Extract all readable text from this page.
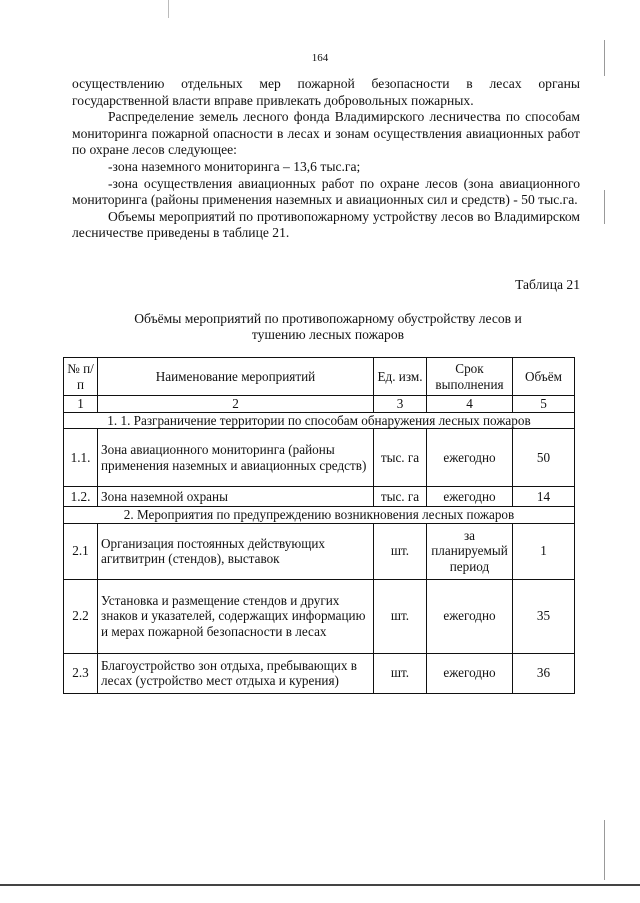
164

осуществлению отдельных мер пожарной безопасности в лесах органы государственной власти вправе привлекать добровольных пожарных.

Распределение земель лесного фонда Владимирского лесничества по способам мониторинга пожарной опасности в лесах и зонам осуществления авиационных работ по охране лесов следующее:

-зона наземного мониторинга – 13,6 тыс.га;

-зона осуществления авиационных работ по охране лесов (зона авиационного мониторинга (районы применения наземных и авиационных сил и средств) - 50 тыс.га.

Объемы мероприятий по противопожарному устройству лесов во Владимирском лесничестве приведены в таблице 21.

Таблица 21
Объёмы мероприятий по противопожарному обустройству лесов и
тушению лесных пожаров
№ п/п	Наименование мероприятий	Ед. изм.	Срок выполнения	Объём
1	2	3	4	5
1. 1. Разграничение территории по способам обнаружения лесных пожаров				
1.1.	Зона авиационного мониторинга (районы применения наземных и авиационных средств)	тыс. га	ежегодно	50
1.2.	Зона наземной охраны	тыс. га	ежегодно	14
2. Мероприятия по предупреждению возникновения лесных пожаров				
2.1	Организация постоянных действующих агитвитрин (стендов), выставок	шт.	за планируемый период	1
2.2	Установка и размещение стендов и других знаков и указателей, содержащих информацию и мерах пожарной безопасности в лесах	шт.	ежегодно	35
2.3	Благоустройство зон отдыха, пребывающих в лесах (устройство мест отдыха и курения)	шт.	ежегодно	36
